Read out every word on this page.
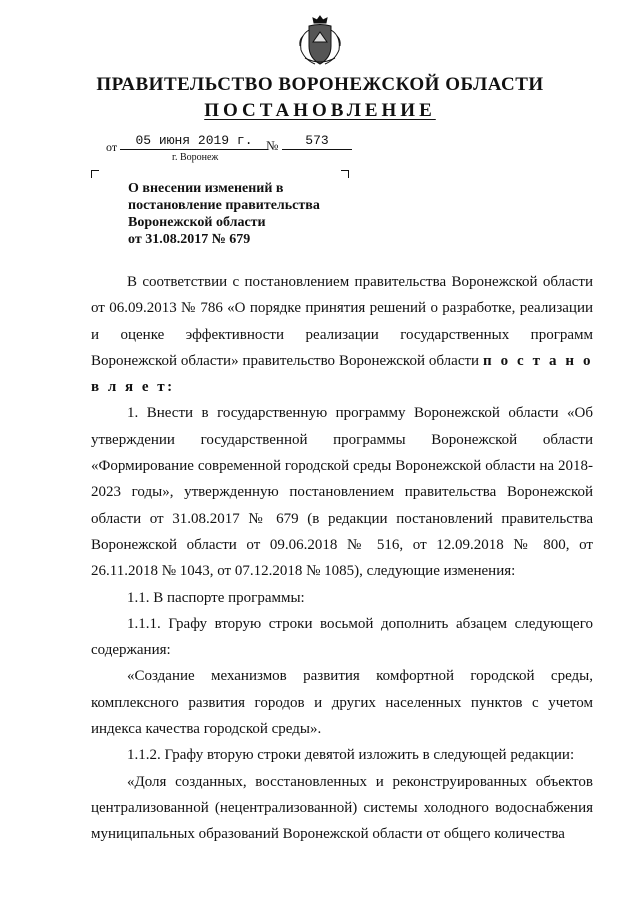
ПРАВИТЕЛЬСТВО ВОРОНЕЖСКОЙ ОБЛАСТИ
ПОСТАНОВЛЕНИЕ
от	05 июня 2019 г.	№	573
г. Воронеж
О внесении изменений в
постановление правительства
Воронежской области
от 31.08.2017 № 679

В соответствии с постановлением правительства Воронежской области от 06.09.2013 № 786 «О порядке принятия решений о разработке, реализации и оценке эффективности реализации государственных программ Воронежской области» правительство Воронежской области п о с т а н о в л я е т:

1. Внести в государственную программу Воронежской области «Об утверждении государственной программы Воронежской области «Формирование современной городской среды Воронежской области на 2018-2023 годы», утвержденную постановлением правительства Воронежской области от 31.08.2017 № 679 (в редакции постановлений правительства Воронежской области от 09.06.2018 № 516, от 12.09.2018 № 800, от 26.11.2018 № 1043, от 07.12.2018 № 1085), следующие изменения:

1.1. В паспорте программы:

1.1.1. Графу вторую строки восьмой дополнить абзацем следующего содержания:

«Создание механизмов развития комфортной городской среды, комплексного развития городов и других населенных пунктов с учетом индекса качества городской среды».

1.1.2. Графу вторую строки девятой изложить в следующей редакции:

«Доля созданных, восстановленных и реконструированных объектов централизованной (нецентрализованной) системы холодного водоснабжения муниципальных образований Воронежской области от общего количества
